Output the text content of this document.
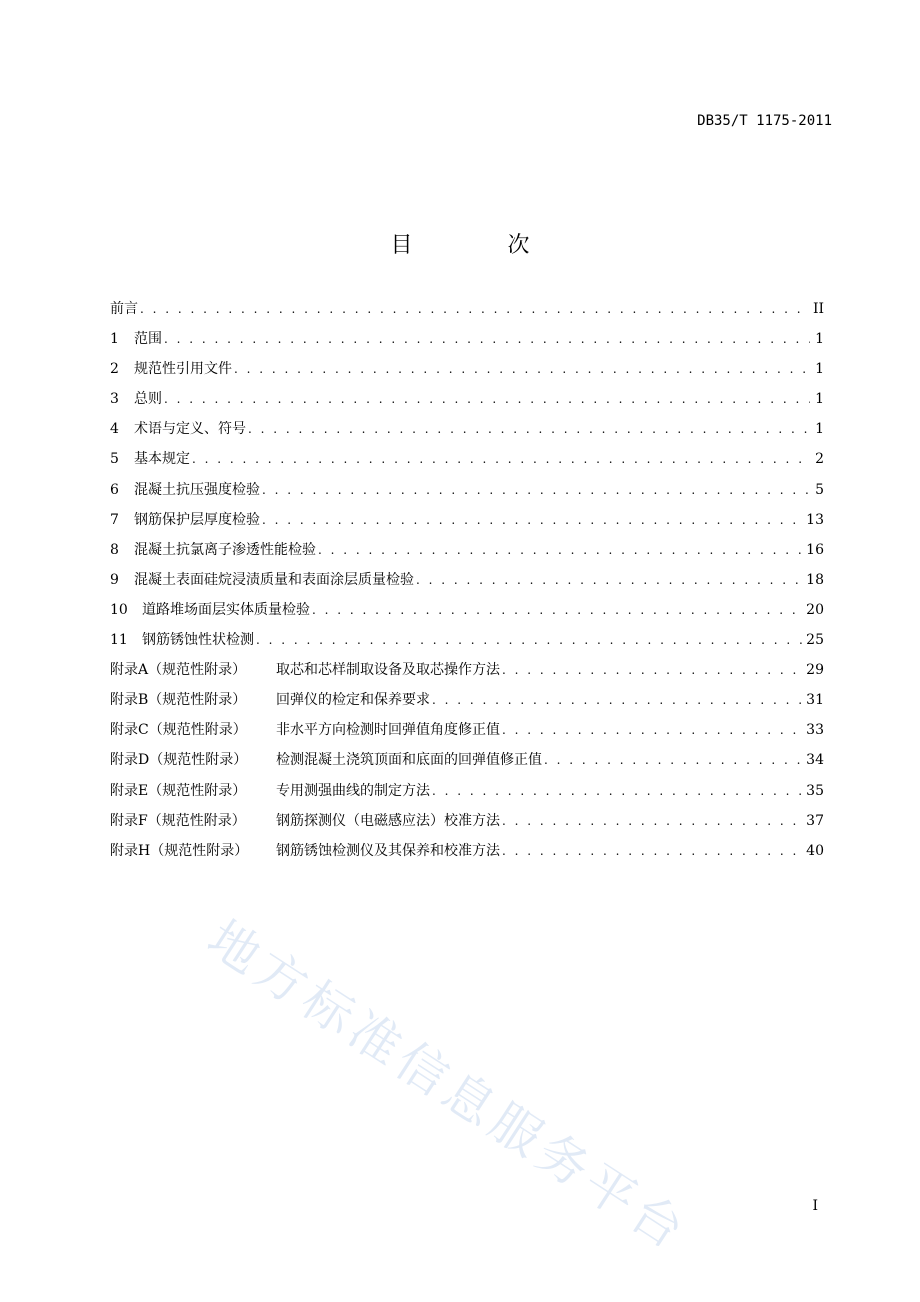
DB35/T 1175-2011
目 次
前言 . . .	II
1 范围 . . .	1
2 规范性引用文件 . . .	1
3 总则 . . .	1
4 术语与定义、符号 . . .	1
5 基本规定 . . .	2
6 混凝土抗压强度检验 . . .	5
7 钢筋保护层厚度检验 . . .	13
8 混凝土抗氯离子渗透性能检验 . . .	16
9 混凝土表面硅烷浸渍质量和表面涂层质量检验 . . .	18
10 道路堆场面层实体质量检验 . . .	20
11 钢筋锈蚀性状检测 . . .	25
附录A（规范性附录） 取芯和芯样制取设备及取芯操作方法 . . .	29
附录B（规范性附录） 回弹仪的检定和保养要求 . . .	31
附录C（规范性附录） 非水平方向检测时回弹值角度修正值 . . .	33
附录D（规范性附录） 检测混凝土浇筑顶面和底面的回弹值修正值 . . .	34
附录E（规范性附录） 专用测强曲线的制定方法 . . .	35
附录F（规范性附录） 钢筋探测仪（电磁感应法）校准方法 . . .	37
附录H（规范性附录） 钢筋锈蚀检测仪及其保养和校准方法 . . .	40
地方标准信息服务平台	I
